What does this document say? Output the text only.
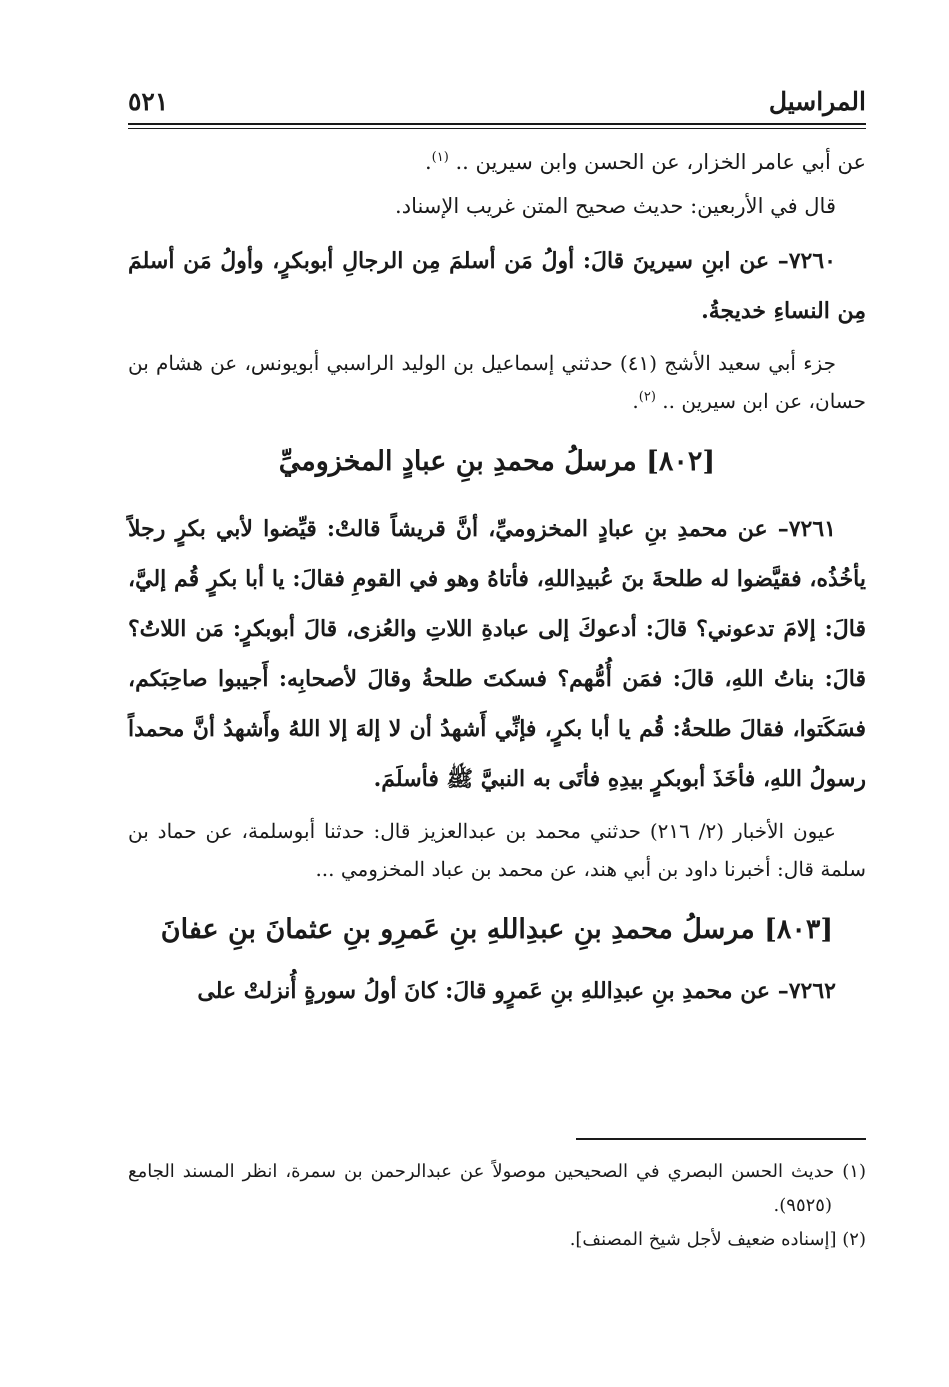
المراسيل
٥٢١

عن أبي عامر الخزار، عن الحسن وابن سيرين .. $^{(١)}$.

قال في الأربعين: حديث صحيح المتن غريب الإسناد.

٧٢٦٠– عن ابنِ سيرينَ قالَ: أولُ مَن أسلمَ مِن الرجالِ أبوبكرٍ، وأولُ مَن أسلمَ مِن النساءِ خديجةُ.

جزء أبي سعيد الأشج (٤١) حدثني إسماعيل بن الوليد الراسبي أبويونس، عن هشام بن حسان، عن ابن سيرين .. $^{(٢)}$.

[٨٠٢] مرسلُ محمدِ بنِ عبادٍ المخزوميِّ

٧٢٦١– عن محمدِ بنِ عبادٍ المخزوميِّ، أنَّ قريشاً قالتْ: قيِّضوا لأبي بكرٍ رجلاً يأخُذُه، فقيَّضوا له طلحةَ بنَ عُبيدِاللهِ، فأتاهُ وهو في القومِ فقالَ: يا أبا بكرٍ قُم إليَّ، قالَ: إلامَ تدعوني؟ قالَ: أدعوكَ إلى عبادةِ اللاتِ والعُزى، قالَ أبوبكرٍ: مَن اللاتُ؟ قالَ: بناتُ اللهِ، قالَ: فمَن أُمُّهم؟ فسكتَ طلحةُ وقالَ لأصحابِه: أَجيبوا صاحِبَكم، فسَكَتوا، فقالَ طلحةُ: قُم يا أبا بكرٍ، فإنِّي أَشهدُ أن لا إلهَ إلا اللهُ وأَشهدُ أنَّ محمداً رسولُ اللهِ، فأخَذَ أبوبكرٍ بيدِهِ فأتَى به النبيَّ ﷺ فأسلَمَ.

عيون الأخبار (٢/ ٢١٦) حدثني محمد بن عبدالعزيز قال: حدثنا أبوسلمة، عن حماد بن سلمة قال: أخبرنا داود بن أبي هند، عن محمد بن عباد المخزومي ...

[٨٠٣] مرسلُ محمدِ بنِ عبدِاللهِ بنِ عَمرِو بنِ عثمانَ بنِ عفانَ

٧٢٦٢– عن محمدِ بنِ عبدِاللهِ بنِ عَمرٍو قالَ: كانَ أولُ سورةٍ أُنزلتْ على

(١) حديث الحسن البصري في الصحيحين موصولاً عن عبدالرحمن بن سمرة، انظر المسند الجامع (٩٥٢٥).

(٢) [إسناده ضعيف لأجل شيخ المصنف].
